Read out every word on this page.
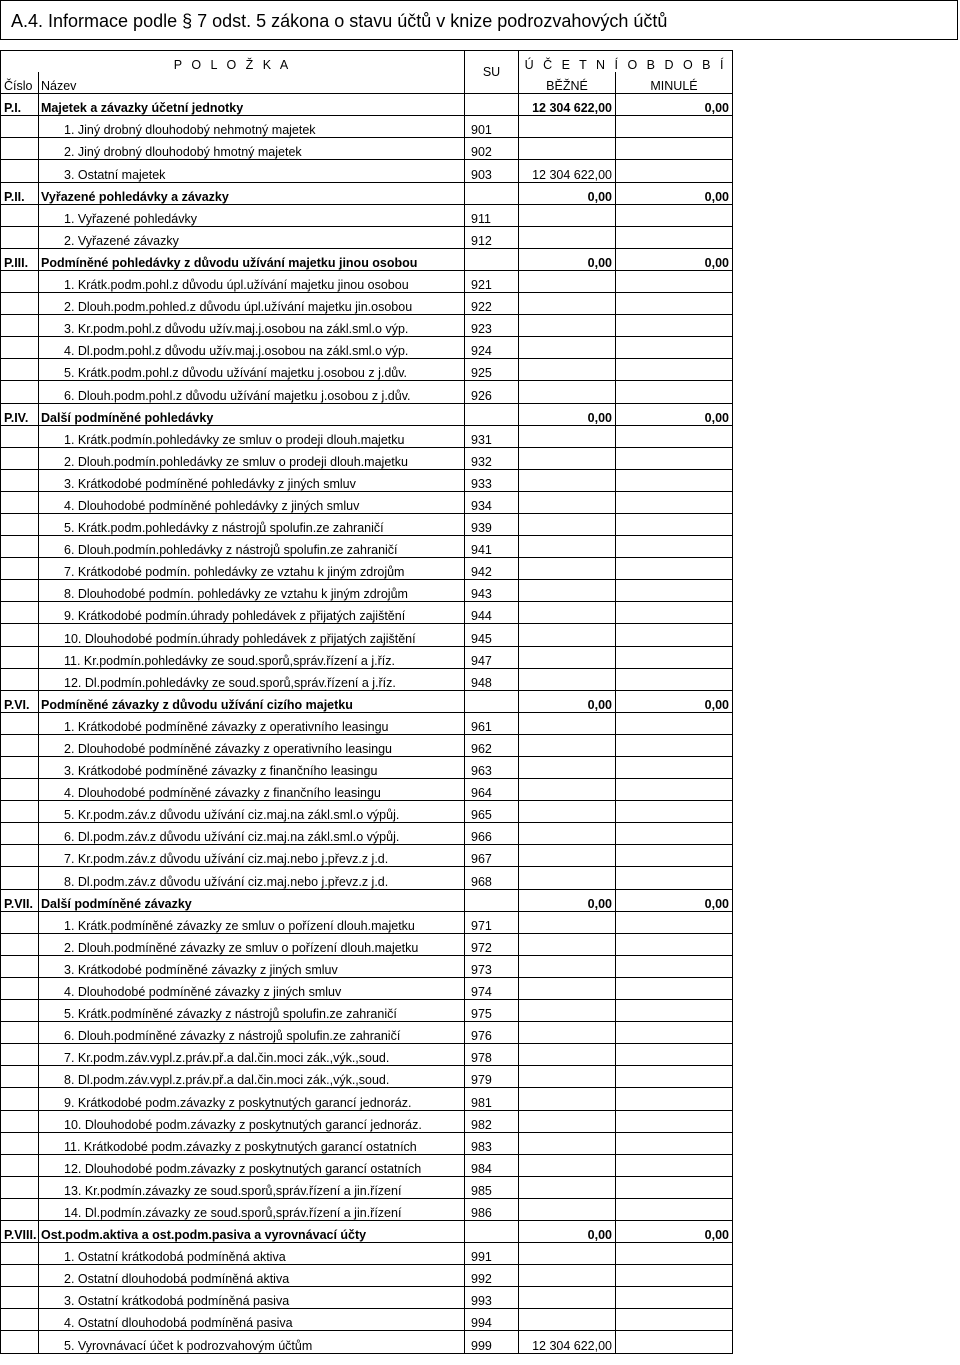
A.4. Informace podle § 7 odst. 5 zákona o stavu účtů v knize podrozvahových účtů
P O L O Ž K A		SU	Ú Č E T N Í O B D O B Í	
Číslo	Název		BĚŽNÉ	MINULÉ
P.I.	Majetek a závazky účetní jednotky		12 304 622,00	0,00
	1. Jiný drobný dlouhodobý nehmotný majetek	901		
	2. Jiný drobný dlouhodobý hmotný majetek	902		
	3. Ostatní majetek	903	12 304 622,00	
P.II.	Vyřazené pohledávky a závazky		0,00	0,00
	1. Vyřazené pohledávky	911		
	2. Vyřazené závazky	912		
P.III.	Podmíněné pohledávky z důvodu užívání majetku jinou osobou		0,00	0,00
	1. Krátk.podm.pohl.z důvodu úpl.užívání majetku jinou osobou	921		
	2. Dlouh.podm.pohled.z důvodu úpl.užívání majetku jin.osobou	922		
	3. Kr.podm.pohl.z důvodu užív.maj.j.osobou na zákl.sml.o výp.	923		
	4. Dl.podm.pohl.z důvodu užív.maj.j.osobou na zákl.sml.o výp.	924		
	5. Krátk.podm.pohl.z důvodu užívání majetku j.osobou z j.dův.	925		
	6. Dlouh.podm.pohl.z důvodu užívání majetku j.osobou z j.dův.	926		
P.IV.	Další podmíněné pohledávky		0,00	0,00
	1. Krátk.podmín.pohledávky ze smluv o prodeji dlouh.majetku	931		
	2. Dlouh.podmín.pohledávky ze smluv o prodeji dlouh.majetku	932		
	3. Krátkodobé podmíněné pohledávky z jiných smluv	933		
	4. Dlouhodobé podmíněné pohledávky z jiných smluv	934		
	5. Krátk.podm.pohledávky z nástrojů spolufin.ze zahraničí	939		
	6. Dlouh.podmín.pohledávky z nástrojů spolufin.ze zahraničí	941		
	7. Krátkodobé podmín. pohledávky ze vztahu k jiným zdrojům	942		
	8. Dlouhodobé podmín. pohledávky ze vztahu k jiným zdrojům	943		
	9. Krátkodobé podmín.úhrady pohledávek z přijatých zajištění	944		
	10. Dlouhodobé podmín.úhrady pohledávek z přijatých zajištění	945		
	11. Kr.podmín.pohledávky ze soud.sporů,správ.řízení a j.říz.	947		
	12. Dl.podmín.pohledávky ze soud.sporů,správ.řízení a j.říz.	948		
P.VI.	Podmíněné závazky z důvodu užívání cizího majetku		0,00	0,00
	1. Krátkodobé podmíněné závazky z operativního leasingu	961		
	2. Dlouhodobé podmíněné závazky z operativního leasingu	962		
	3. Krátkodobé podmíněné závazky z finančního leasingu	963		
	4. Dlouhodobé podmíněné závazky z finančního leasingu	964		
	5. Kr.podm.záv.z důvodu užívání ciz.maj.na zákl.sml.o výpůj.	965		
	6. Dl.podm.záv.z důvodu užívání ciz.maj.na zákl.sml.o výpůj.	966		
	7. Kr.podm.záv.z důvodu užívání ciz.maj.nebo j.převz.z j.d.	967		
	8. Dl.podm.záv.z důvodu užívání ciz.maj.nebo j.převz.z j.d.	968		
P.VII.	Další podmíněné závazky		0,00	0,00
	1. Krátk.podmíněné závazky ze smluv o pořízení dlouh.majetku	971		
	2. Dlouh.podmíněné závazky ze smluv o pořízení dlouh.majetku	972		
	3. Krátkodobé podmíněné závazky z jiných smluv	973		
	4. Dlouhodobé podmíněné závazky z jiných smluv	974		
	5. Krátk.podmíněné závazky z nástrojů spolufin.ze zahraničí	975		
	6. Dlouh.podmíněné závazky z nástrojů spolufin.ze zahraničí	976		
	7. Kr.podm.záv.vypl.z.práv.př.a dal.čin.moci zák.,výk.,soud.	978		
	8. Dl.podm.záv.vypl.z.práv.př.a dal.čin.moci zák.,výk.,soud.	979		
	9. Krátkodobé podm.závazky z poskytnutých garancí jednoráz.	981		
	10. Dlouhodobé podm.závazky z poskytnutých garancí jednoráz.	982		
	11. Krátkodobé podm.závazky z poskytnutých garancí ostatních	983		
	12. Dlouhodobé podm.závazky z poskytnutých garancí ostatních	984		
	13. Kr.podmín.závazky ze soud.sporů,správ.řízení a jin.řízení	985		
	14. Dl.podmín.závazky ze soud.sporů,správ.řízení a jin.řízení	986		
P.VIII.	Ost.podm.aktiva a ost.podm.pasiva a vyrovnávací účty		0,00	0,00
	1. Ostatní krátkodobá podmíněná aktiva	991		
	2. Ostatní dlouhodobá podmíněná aktiva	992		
	3. Ostatní krátkodobá podmíněná pasiva	993		
	4. Ostatní dlouhodobá podmíněná pasiva	994		
	5. Vyrovnávací účet k podrozvahovým účtům	999	12 304 622,00	
